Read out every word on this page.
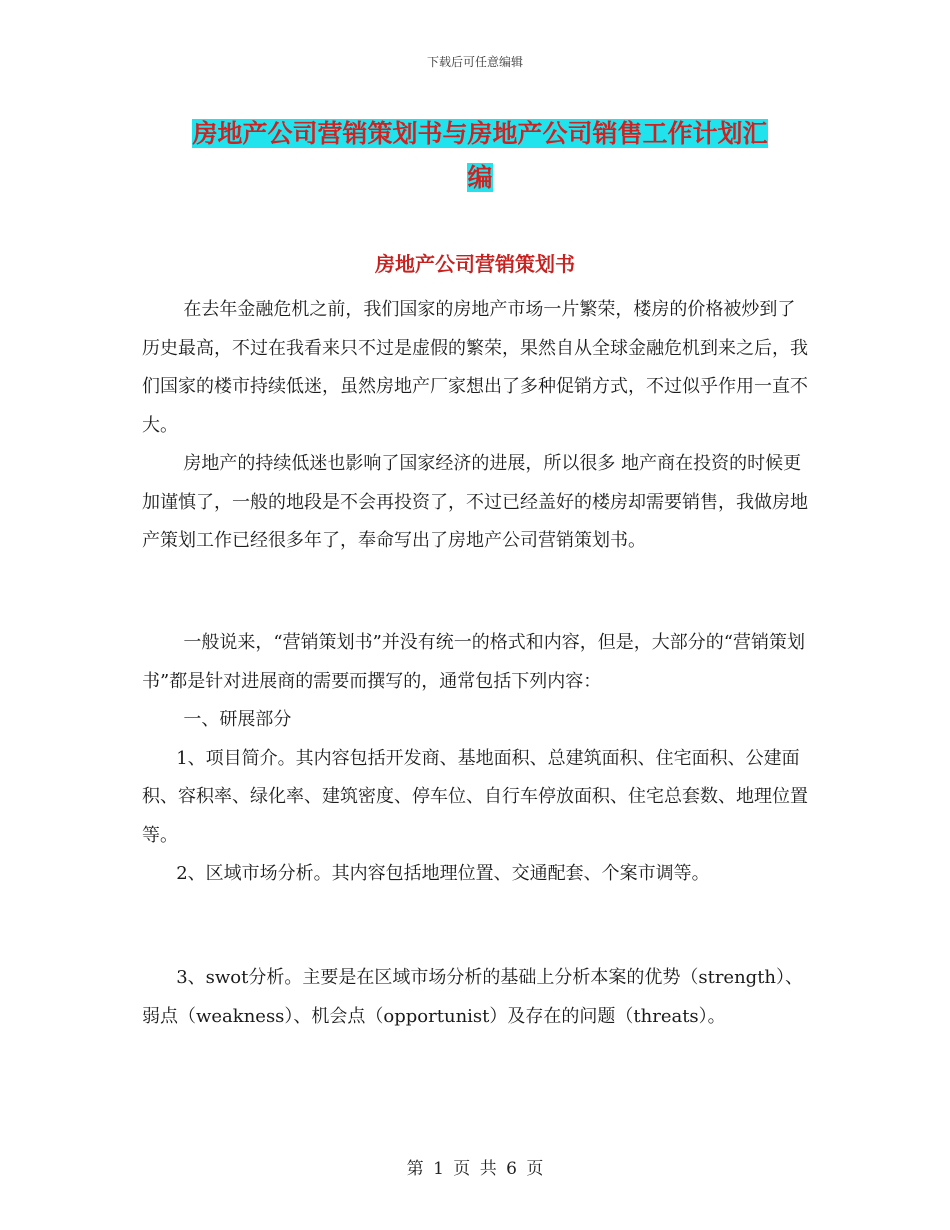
下载后可任意编辑
房地产公司营销策划书与房地产公司销售工作计划汇
编
房地产公司营销策划书

在去年金融危机之前，我们国家的房地产市场一片繁荣，楼房的价格被炒到了历史最高，不过在我看来只不过是虚假的繁荣，果然自从全球金融危机到来之后，我们国家的楼市持续低迷，虽然房地产厂家想出了多种促销方式，不过似乎作用一直不大。

房地产的持续低迷也影响了国家经济的进展，所以很多 地产商在投资的时候更加谨慎了，一般的地段是不会再投资了，不过已经盖好的楼房却需要销售，我做房地产策划工作已经很多年了，奉命写出了房地产公司营销策划书。

一般说来，“营销策划书”并没有统一的格式和内容，但是，大部分的“营销策划书”都是针对进展商的需要而撰写的，通常包括下列内容：

一、研展部分

1、项目简介。其内容包括开发商、基地面积、总建筑面积、住宅面积、公建面积、容积率、绿化率、建筑密度、停车位、自行车停放面积、住宅总套数、地理位置等。

2、区域市场分析。其内容包括地理位置、交通配套、个案市调等。

3、swot分析。主要是在区域市场分析的基础上分析本案的优势（strength）、弱点（weakness）、机会点（opportunist）及存在的问题（threats）。

第 1 页 共 6 页
